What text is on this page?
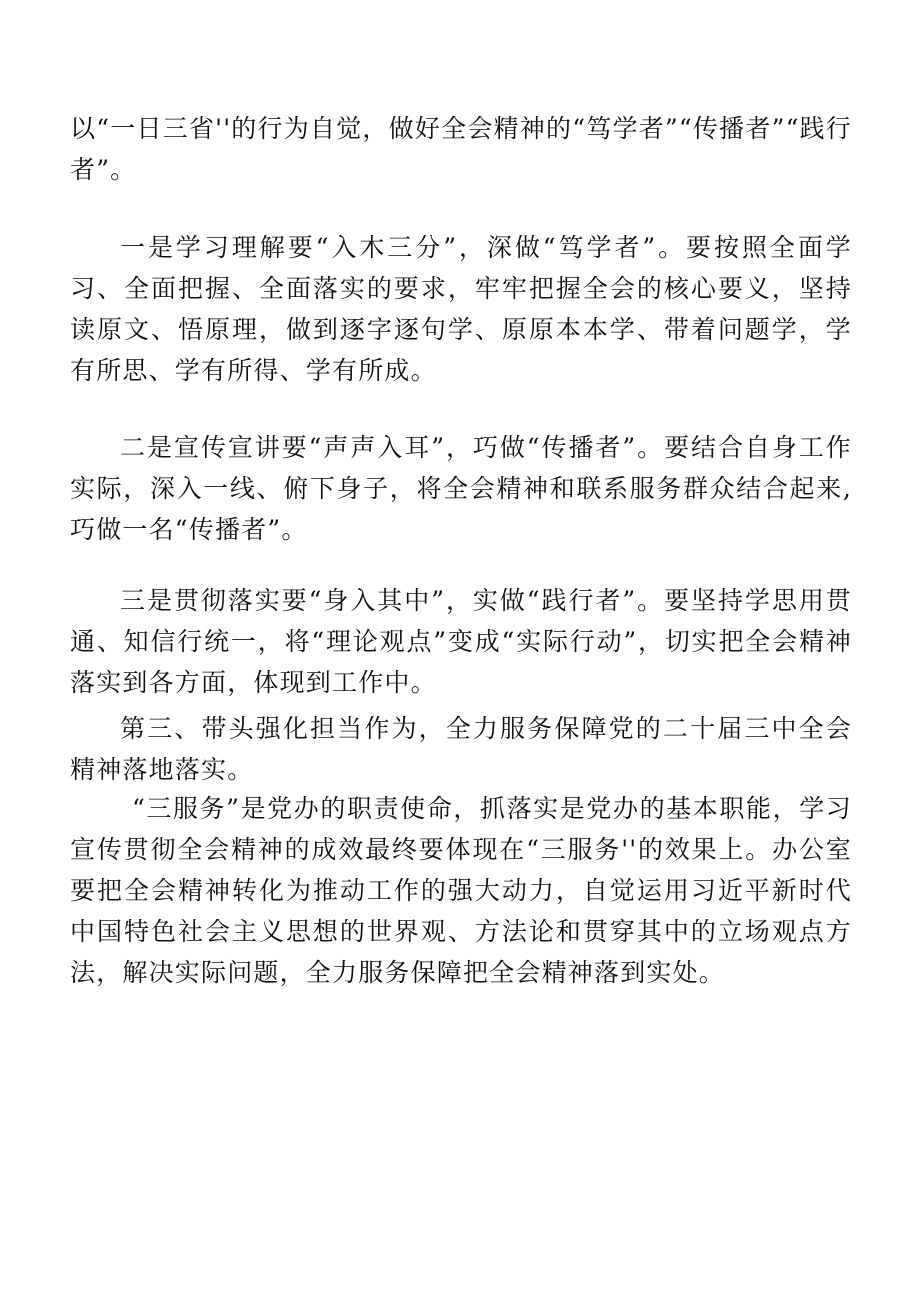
以“一日三省''的行为自觉，做好全会精神的“笃学者”“传播者”“践行者”。

一是学习理解要“入木三分”，深做“笃学者”。要按照全面学习、全面把握、全面落实的要求，牢牢把握全会的核心要义，坚持读原文、悟原理，做到逐字逐句学、原原本本学、带着问题学，学有所思、学有所得、学有所成。

二是宣传宣讲要“声声入耳”，巧做“传播者”。要结合自身工作实际，深入一线、俯下身子，将全会精神和联系服务群众结合起来,巧做一名“传播者”。

三是贯彻落实要“身入其中”，实做“践行者”。要坚持学思用贯通、知信行统一，将“理论观点”变成“实际行动”，切实把全会精神落实到各方面，体现到工作中。

第三、带头强化担当作为，全力服务保障党的二十届三中全会精神落地落实。

“三服务”是党办的职责使命，抓落实是党办的基本职能，学习宣传贯彻全会精神的成效最终要体现在“三服务''的效果上。办公室要把全会精神转化为推动工作的强大动力，自觉运用习近平新时代中国特色社会主义思想的世界观、方法论和贯穿其中的立场观点方法，解决实际问题，全力服务保障把全会精神落到实处。
